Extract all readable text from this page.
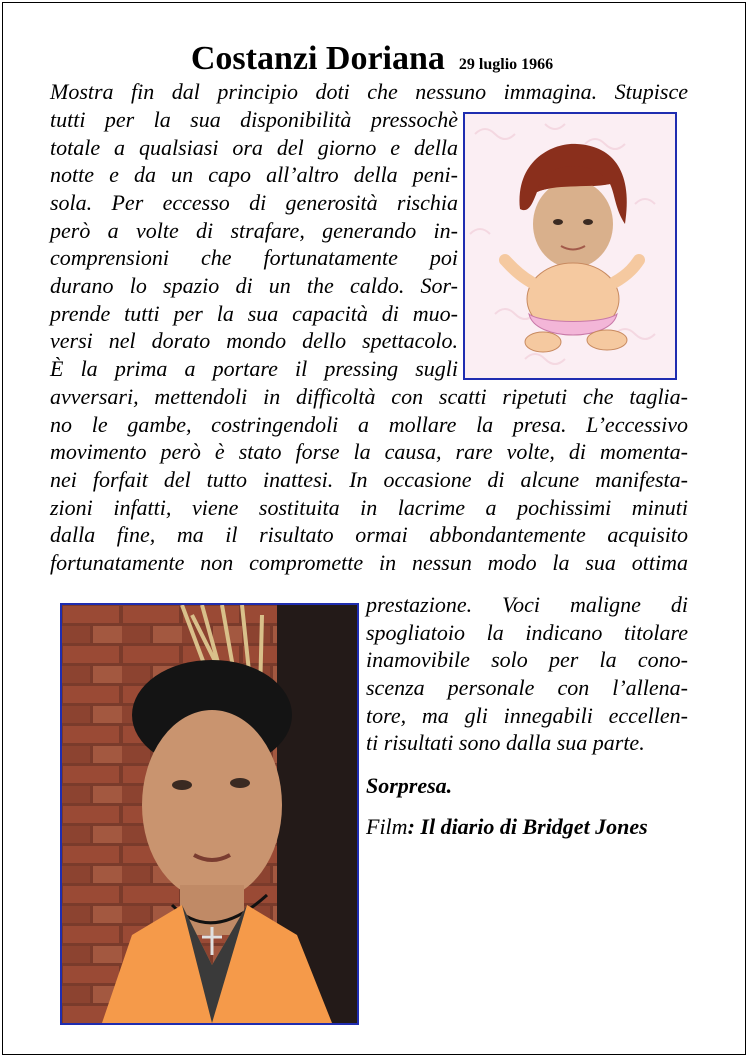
Costanzi Doriana 29 luglio 1966

Mostra fin dal principio doti che nessuno immagina. Stupisce

tutti per la sua disponibilità pressochè

totale a qualsiasi ora del giorno e della

notte e da un capo all’altro della peni-

sola. Per eccesso di generosità rischia

però a volte di strafare, generando in-

comprensioni che fortunatamente poi

durano lo spazio di un the caldo. Sor-

prende tutti per la sua capacità di muo-

versi nel dorato mondo dello spettacolo.

È la prima a portare il pressing sugli

avversari, mettendoli in difficoltà con scatti ripetuti che taglia-

no le gambe, costringendoli a mollare la presa. L’eccessivo

movimento però è stato forse la causa, rare volte, di momenta-

nei forfait del tutto inattesi. In occasione di alcune manifesta-

zioni infatti, viene sostituita in lacrime a pochissimi minuti

dalla fine, ma il risultato ormai abbondantemente acquisito

fortunatamente non compromette in nessun modo la sua ottima

prestazione. Voci maligne di

spogliatoio la indicano titolare

inamovibile solo per la cono-

scenza personale con l’allena-

tore, ma gli innegabili eccellen-

ti risultati sono dalla sua parte.

Sorpresa.
Film: Il diario di Bridget Jones
